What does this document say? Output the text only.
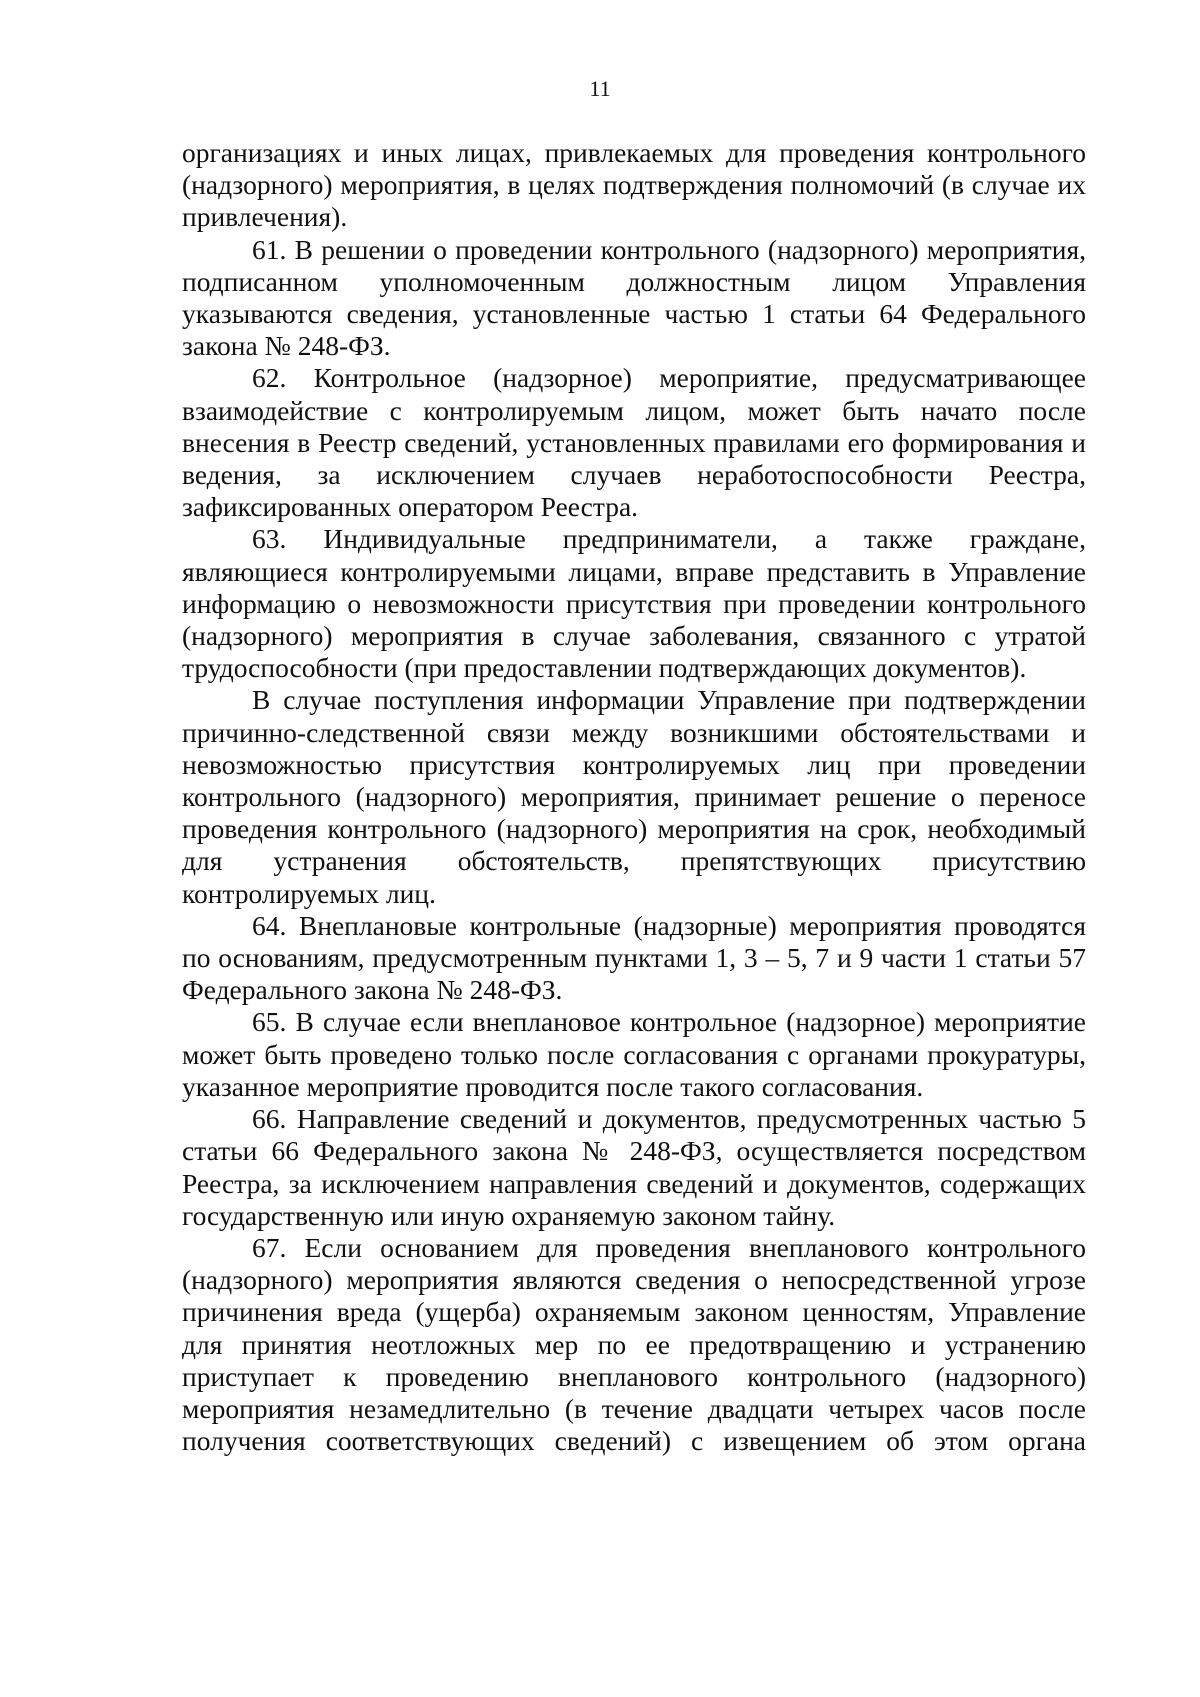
11

организациях и иных лицах, привлекаемых для проведения контрольного (надзорного) мероприятия, в целях подтверждения полномочий (в случае их привлечения).

61. В решении о проведении контрольного (надзорного) мероприятия, подписанном уполномоченным должностным лицом Управления указываются сведения, установленные частью 1 статьи 64 Федерального закона № 248-ФЗ.

62. Контрольное (надзорное) мероприятие, предусматривающее взаимодействие с контролируемым лицом, может быть начато после внесения в Реестр сведений, установленных правилами его формирования и ведения, за исключением случаев неработоспособности Реестра, зафиксированных оператором Реестра.

63. Индивидуальные предприниматели, а также граждане, являющиеся контролируемыми лицами, вправе представить в Управление информацию о невозможности присутствия при проведении контрольного (надзорного) мероприятия в случае заболевания, связанного с утратой трудоспособности (при предоставлении подтверждающих документов).

В случае поступления информации Управление при подтверждении причинно-следственной связи между возникшими обстоятельствами и невозможностью присутствия контролируемых лиц при проведении контрольного (надзорного) мероприятия, принимает решение о переносе проведения контрольного (надзорного) мероприятия на срок, необходимый для устранения обстоятельств, препятствующих присутствию контролируемых лиц.

64. Внеплановые контрольные (надзорные) мероприятия проводятся по основаниям, предусмотренным пунктами 1, 3 – 5, 7 и 9 части 1 статьи 57 Федерального закона № 248-ФЗ.

65. В случае если внеплановое контрольное (надзорное) мероприятие может быть проведено только после согласования с органами прокуратуры, указанное мероприятие проводится после такого согласования.

66. Направление сведений и документов, предусмотренных частью 5 статьи 66 Федерального закона № 248-ФЗ, осуществляется посредством Реестра, за исключением направления сведений и документов, содержащих государственную или иную охраняемую законом тайну.

67. Если основанием для проведения внепланового контрольного (надзорного) мероприятия являются сведения о непосредственной угрозе причинения вреда (ущерба) охраняемым законом ценностям, Управление для принятия неотложных мер по ее предотвращению и устранению приступает к проведению внепланового контрольного (надзорного) мероприятия незамедлительно (в течение двадцати четырех часов после получения соответствующих сведений) с извещением об этом органа
